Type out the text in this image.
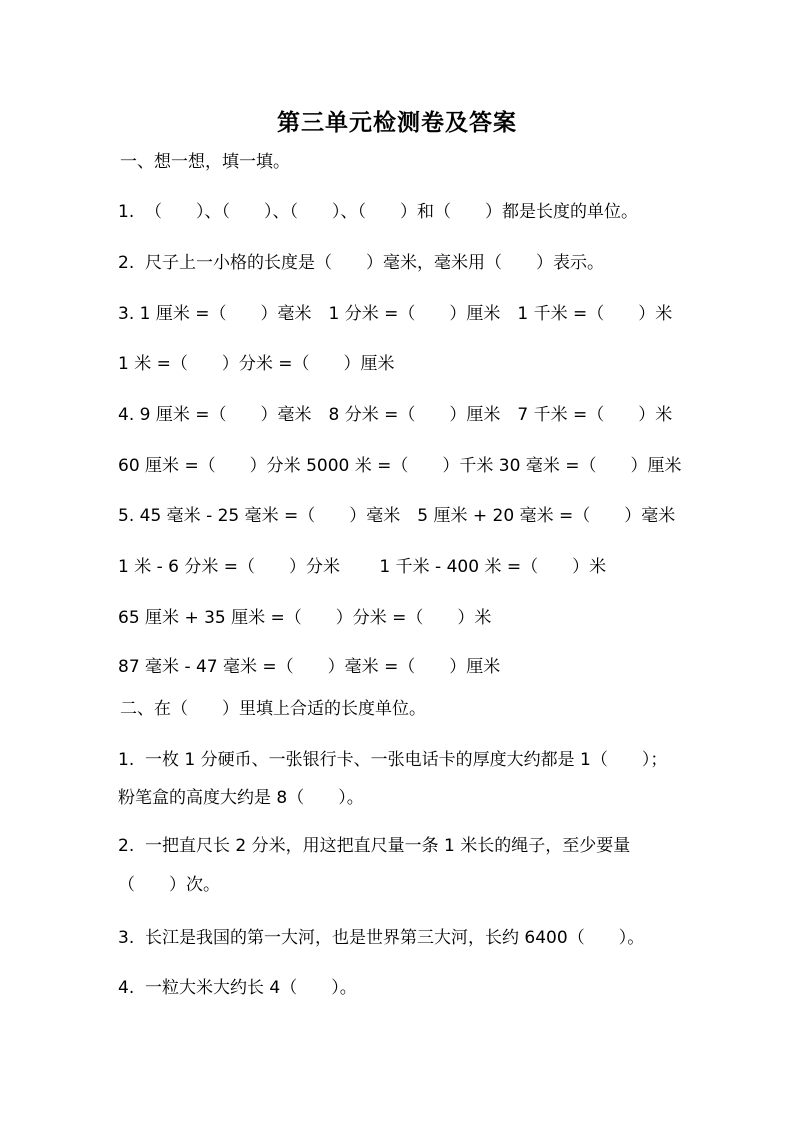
第三单元检测卷及答案
一、想一想，填一填。
1.  （　　）、（　　）、（　　）、（　　）和（　　）都是长度的单位。
2.  尺子上一小格的长度是（　　）毫米，毫米用（　　）表示。
3. 1 厘米 =（　　）毫米　1 分米 =（　　）厘米　1 千米 =（　　）米
1 米 =（　　）分米 =（　　）厘米
4. 9 厘米 =（　　）毫米　8 分米 =（　　）厘米　7 千米 =（　　）米
60 厘米 =（　　）分米 5000 米 =（　　）千米 30 毫米 =（　　）厘米
5. 45 毫米 - 25 毫米 =（　　）毫米　5 厘米 + 20 毫米 =（　　）毫米
1 米 - 6 分米 =（　　）分米　　 1 千米 - 400 米 =（　　）米
65 厘米 + 35 厘米 =（　　）分米 =（　　）米
87 毫米 - 47 毫米 =（　　）毫米 =（　　）厘米
二、在（　　）里填上合适的长度单位。
1.  一枚 1 分硬币、一张银行卡、一张电话卡的厚度大约都是 1（　　）；
粉笔盒的高度大约是 8（　　）。
2.  一把直尺长 2 分米，用这把直尺量一条 1 米长的绳子，至少要量
（　　）次。
3.  长江是我国的第一大河，也是世界第三大河，长约 6400（　　）。
4.  一粒大米大约长 4（　　）。
